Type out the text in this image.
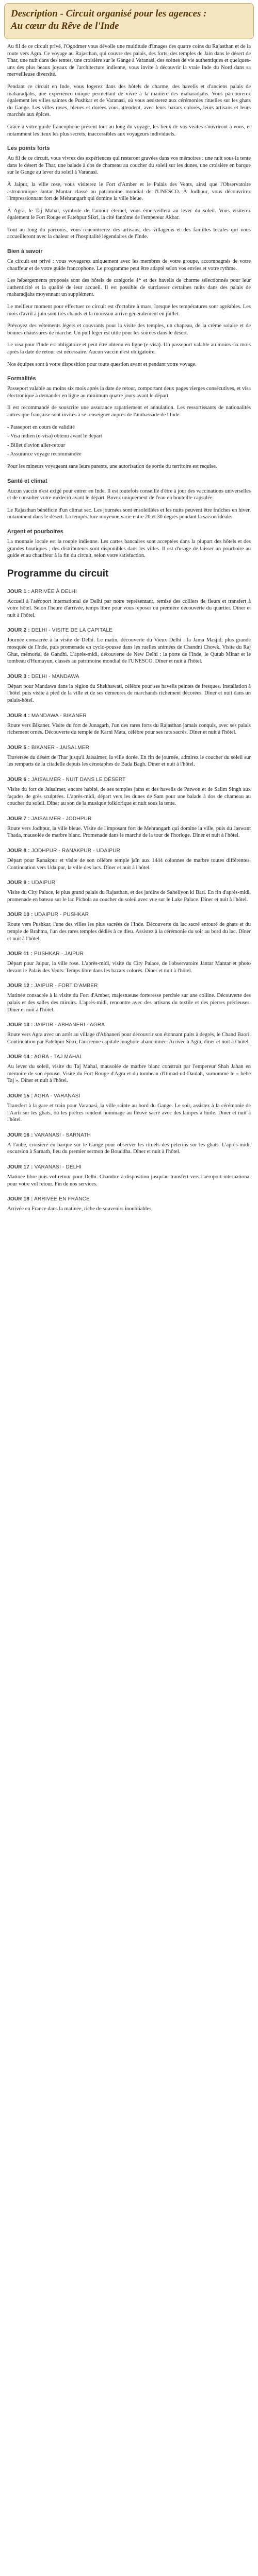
Description - Circuit organisé pour les agences :
Au cœur du Rêve de l'Inde

Au fil de ce circuit privé, l'Ogodmer vous dévoile une multitude d'images des quatre coins du Rajasthan et de la route vers Agra. Ce voyage au Rajasthan, qui couvre des palais, des forts, des temples de Jain dans le désert de Thar, une nuit dans des tentes, une croisière sur le Gange à Varanasi, des scènes de vie authentiques et quelques-uns des plus beaux joyaux de l'architecture indienne, vous invite à découvrir la vraie Inde du Nord dans sa merveilleuse diversité.

Pendant ce circuit en Inde, vous logerez dans des hôtels de charme, des havelis et d'anciens palais de maharadjahs, une expérience unique permettant de vivre à la manière des maharadjahs. Vous parcourerez également les villes saintes de Pushkar et de Varanasi, où vous assisterez aux cérémonies rituelles sur les ghats du Gange. Les villes roses, bleues et dorées vous attendent, avec leurs bazars colorés, leurs artisans et leurs marchés aux épices.

Grâce à votre guide francophone présent tout au long du voyage, les lieux de vos visites s'ouvriront à vous, et notamment les lieux les plus secrets, inaccessibles aux voyageurs individuels.

Les points forts

Au fil de ce circuit, vous vivrez des expériences qui resteront gravées dans vos mémoires : une nuit sous la tente dans le désert de Thar, une balade à dos de chameau au coucher du soleil sur les dunes, une croisière en barque sur le Gange au lever du soleil à Varanasi.

À Jaipur, la ville rose, vous visiterez le Fort d'Amber et le Palais des Vents, ainsi que l'Observatoire astronomique Jantar Mantar classé au patrimoine mondial de l'UNESCO. À Jodhpur, vous découvrirez l'impressionnant fort de Mehrangarh qui domine la ville bleue.

À Agra, le Taj Mahal, symbole de l'amour éternel, vous émerveillera au lever du soleil. Vous visiterez également le Fort Rouge et Fatehpur Sikri, la cité fantôme de l'empereur Akbar.

Tout au long du parcours, vous rencontrerez des artisans, des villageois et des familles locales qui vous accueilleront avec la chaleur et l'hospitalité légendaires de l'Inde.

Bien à savoir

Ce circuit est privé : vous voyagerez uniquement avec les membres de votre groupe, accompagnés de votre chauffeur et de votre guide francophone. Le programme peut être adapté selon vos envies et votre rythme.

Les hébergements proposés sont des hôtels de catégorie 4* et des havelis de charme sélectionnés pour leur authenticité et la qualité de leur accueil. Il est possible de surclasser certaines nuits dans des palais de maharadjahs moyennant un supplément.

Le meilleur moment pour effectuer ce circuit est d'octobre à mars, lorsque les températures sont agréables. Les mois d'avril à juin sont très chauds et la mousson arrive généralement en juillet.

Prévoyez des vêtements légers et couvrants pour la visite des temples, un chapeau, de la crème solaire et de bonnes chaussures de marche. Un pull léger est utile pour les soirées dans le désert.

Le visa pour l'Inde est obligatoire et peut être obtenu en ligne (e-visa). Un passeport valable au moins six mois après la date de retour est nécessaire. Aucun vaccin n'est obligatoire.

Nos équipes sont à votre disposition pour toute question avant et pendant votre voyage.

Formalités

Passeport valable au moins six mois après la date de retour, comportant deux pages vierges consécutives, et visa électronique à demander en ligne au minimum quatre jours avant le départ.

Il est recommandé de souscrire une assurance rapatriement et annulation. Les ressortissants de nationalités autres que française sont invités à se renseigner auprès de l'ambassade de l'Inde.

- Passeport en cours de validité
- Visa indien (e-visa) obtenu avant le départ
- Billet d'avion aller-retour
- Assurance voyage recommandée

Pour les mineurs voyageant sans leurs parents, une autorisation de sortie du territoire est requise.

Santé et climat

Aucun vaccin n'est exigé pour entrer en Inde. Il est toutefois conseillé d'être à jour des vaccinations universelles et de consulter votre médecin avant le départ. Buvez uniquement de l'eau en bouteille capsulée.

Le Rajasthan bénéficie d'un climat sec. Les journées sont ensoleillées et les nuits peuvent être fraîches en hiver, notamment dans le désert. La température moyenne varie entre 20 et 30 degrés pendant la saison idéale.

Argent et pourboires

La monnaie locale est la roupie indienne. Les cartes bancaires sont acceptées dans la plupart des hôtels et des grandes boutiques ; des distributeurs sont disponibles dans les villes. Il est d'usage de laisser un pourboire au guide et au chauffeur à la fin du circuit, selon votre satisfaction.

Programme du circuit
JOUR 1 : ARRIVÉE À DELHI

Accueil à l'aéroport international de Delhi par notre représentant, remise des colliers de fleurs et transfert à votre hôtel. Selon l'heure d'arrivée, temps libre pour vous reposer ou première découverte du quartier. Dîner et nuit à l'hôtel.

JOUR 2 : DELHI - VISITE DE LA CAPITALE

Journée consacrée à la visite de Delhi. Le matin, découverte du Vieux Delhi : la Jama Masjid, plus grande mosquée de l'Inde, puis promenade en cyclo-pousse dans les ruelles animées de Chandni Chowk. Visite du Raj Ghat, mémorial de Gandhi. L'après-midi, découverte de New Delhi : la porte de l'Inde, le Qutub Minar et le tombeau d'Humayun, classés au patrimoine mondial de l'UNESCO. Dîner et nuit à l'hôtel.

JOUR 3 : DELHI - MANDAWA

Départ pour Mandawa dans la région du Shekhawati, célèbre pour ses havelis peintes de fresques. Installation à l'hôtel puis visite à pied de la ville et de ses demeures de marchands richement décorées. Dîner et nuit dans un palais-hôtel.

JOUR 4 : MANDAWA - BIKANER

Route vers Bikaner. Visite du fort de Junagarh, l'un des rares forts du Rajasthan jamais conquis, avec ses palais richement ornés. Découverte du temple de Karni Mata, célèbre pour ses rats sacrés. Dîner et nuit à l'hôtel.

JOUR 5 : BIKANER - JAISALMER

Traversée du désert de Thar jusqu'à Jaisalmer, la ville dorée. En fin de journée, admirez le coucher du soleil sur les remparts de la citadelle depuis les cénotaphes de Bada Bagh. Dîner et nuit à l'hôtel.

JOUR 6 : JAISALMER - NUIT DANS LE DÉSERT

Visite du fort de Jaisalmer, encore habité, de ses temples jaïns et des havelis de Patwon et de Salim Singh aux façades de grès sculptées. L'après-midi, départ vers les dunes de Sam pour une balade à dos de chameau au coucher du soleil. Dîner au son de la musique folklorique et nuit sous la tente.

JOUR 7 : JAISALMER - JODHPUR

Route vers Jodhpur, la ville bleue. Visite de l'imposant fort de Mehrangarh qui domine la ville, puis du Jaswant Thada, mausolée de marbre blanc. Promenade dans le marché de la tour de l'horloge. Dîner et nuit à l'hôtel.

JOUR 8 : JODHPUR - RANAKPUR - UDAIPUR

Départ pour Ranakpur et visite de son célèbre temple jaïn aux 1444 colonnes de marbre toutes différentes. Continuation vers Udaipur, la ville des lacs. Dîner et nuit à l'hôtel.

JOUR 9 : UDAIPUR

Visite du City Palace, le plus grand palais du Rajasthan, et des jardins de Saheliyon ki Bari. En fin d'après-midi, promenade en bateau sur le lac Pichola au coucher du soleil avec vue sur le Lake Palace. Dîner et nuit à l'hôtel.

JOUR 10 : UDAIPUR - PUSHKAR

Route vers Pushkar, l'une des villes les plus sacrées de l'Inde. Découverte du lac sacré entouré de ghats et du temple de Brahma, l'un des rares temples dédiés à ce dieu. Assistez à la cérémonie du soir au bord du lac. Dîner et nuit à l'hôtel.

JOUR 11 : PUSHKAR - JAIPUR

Départ pour Jaipur, la ville rose. L'après-midi, visite du City Palace, de l'observatoire Jantar Mantar et photo devant le Palais des Vents. Temps libre dans les bazars colorés. Dîner et nuit à l'hôtel.

JOUR 12 : JAIPUR - FORT D'AMBER

Matinée consacrée à la visite du Fort d'Amber, majestueuse forteresse perchée sur une colline. Découverte des palais et des salles des miroirs. L'après-midi, rencontre avec des artisans du textile et des pierres précieuses. Dîner et nuit à l'hôtel.

JOUR 13 : JAIPUR - ABHANERI - AGRA

Route vers Agra avec un arrêt au village d'Abhaneri pour découvrir son étonnant puits à degrés, le Chand Baori. Continuation par Fatehpur Sikri, l'ancienne capitale moghole abandonnée. Arrivée à Agra, dîner et nuit à l'hôtel.

JOUR 14 : AGRA - TAJ MAHAL

Au lever du soleil, visite du Taj Mahal, mausolée de marbre blanc construit par l'empereur Shah Jahan en mémoire de son épouse. Visite du Fort Rouge d'Agra et du tombeau d'Itimad-ud-Daulah, surnommé le « bébé Taj ». Dîner et nuit à l'hôtel.

JOUR 15 : AGRA - VARANASI

Transfert à la gare et train pour Varanasi, la ville sainte au bord du Gange. Le soir, assistez à la cérémonie de l'Aarti sur les ghats, où les prêtres rendent hommage au fleuve sacré avec des lampes à huile. Dîner et nuit à l'hôtel.

JOUR 16 : VARANASI - SARNATH

À l'aube, croisière en barque sur le Gange pour observer les rituels des pèlerins sur les ghats. L'après-midi, excursion à Sarnath, lieu du premier sermon de Bouddha. Dîner et nuit à l'hôtel.

JOUR 17 : VARANASI - DELHI

Matinée libre puis vol retour pour Delhi. Chambre à disposition jusqu'au transfert vers l'aéroport international pour votre vol retour. Fin de nos services.

JOUR 18 : ARRIVÉE EN FRANCE

Arrivée en France dans la matinée, riche de souvenirs inoubliables.
